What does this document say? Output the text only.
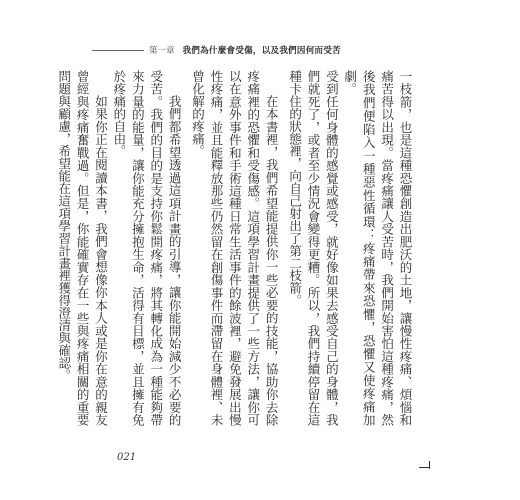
第一章 我們為什麼會受傷，以及我們因何而受苦

一枝箭，也是這種恐懼創造出肥沃的土地，讓慢性疼痛、煩惱和痛苦得以出現。當疼痛讓人受苦時，我們開始害怕這種疼痛，然後我們便陷入一種惡性循環：疼痛帶來恐懼，恐懼又使疼痛加劇。

受到任何身體的感覺或感受，就好像如果去感受自己的身體，我們就死了，或者至少情況會變得更糟。所以，我們持續停留在這種卡住的狀態裡，向自己射出了第二枝箭。

在本書裡，我們希望能提供你一些必要的技能，協助你去除疼痛裡的恐懼和受傷感。這項學習計畫提供了一些方法，讓你可以在意外事件和手術這種日常生活事件的餘波裡，避免發展出慢性疼痛，並且能釋放那些仍然留在創傷事件而滯留在身體裡、未曾化解的疼痛。

我們都希望透過這項計畫的引導，讓你能開始減少不必要的受苦。我們的目的是支持你鬆開疼痛，將其轉化成為一種能夠帶來力量的能量，讓你能充分擁抱生命，活得有目標，並且擁有免於疼痛的自由。

如果你正在閱讀本書，我們會想像你本人或是你在意的親友曾經與疼痛奮戰過。但是，你能確實存在一些與疼痛相關的重要問題與顧慮，希望能在這項學習計畫裡獲得澄清與確認。

021
